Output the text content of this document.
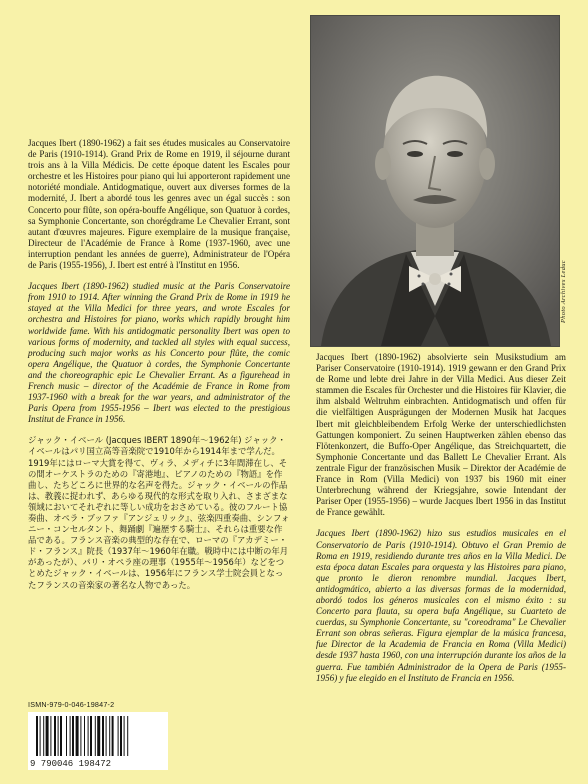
Jacques Ibert (1890-1962) a fait ses études musicales au Conservatoire de Paris (1910-1914). Grand Prix de Rome en 1919, il séjourne durant trois ans à la Villa Médicis. De cette époque datent les Escales pour orchestre et les Histoires pour piano qui lui apporteront rapidement une notoriété mondiale. Antidogmatique, ouvert aux diverses formes de la modernité, J. Ibert a abordé tous les genres avec un égal succès : son Concerto pour flûte, son opéra-bouffe Angélique, son Quatuor à cordes, sa Symphonie Concertante, son chorégdrame Le Chevalier Errant, sont autant d'œuvres majeures. Figure exemplaire de la musique française, Directeur de l'Académie de France à Rome (1937-1960, avec une interruption pendant les années de guerre), Administrateur de l'Opéra de Paris (1955-1956), J. Ibert est entré à l'Institut en 1956.

Jacques Ibert (1890-1962) studied music at the Paris Conservatoire from 1910 to 1914. After winning the Grand Prix de Rome in 1919 he stayed at the Villa Medici for three years, and wrote Escales for orchestra and Histoires for piano, works which rapidly brought him worldwide fame. With his antidogmatic personality Ibert was open to various forms of modernity, and tackled all styles with equal success, producing such major works as his Concerto pour flûte, the comic opera Angélique, the Quatuor à cordes, the Symphonie Concertante and the choreographic epic Le Chevalier Errant. As a figurehead in French music – director of the Académie de France in Rome from 1937-1960 with a break for the war years, and administrator of the Paris Opera from 1955-1956 – Ibert was elected to the prestigious Institut de France in 1956.

ジャック・イベール (Jacques IBERT 1890年～1962年) ジャック・イベールはパリ国立高等音楽院で1910年から1914年まで学んだ。1919年にはローマ大賞を得て、ヴィラ、メディチに3年間滞在し、その間オーケストラのための『寄港地』、ピアノのための『物語』を作曲し、たちどころに世界的な名声を得た。ジャック・イベールの作品は、教義に捉われず、あらゆる現代的な形式を取り入れ、さまざまな領域においてそれぞれに等しい成功をおさめている。彼のフルート協奏曲、オペラ・ブッファ『アンジェリック』、弦楽四重奏曲、シンフォニー・コンセルタント、舞踊劇『遍歴する騎士』、それらは重要な作品である。フランス音楽の典型的な存在で、ローマの『アカデミー・ド・フランス』院長（1937年～1960年在職。戦時中には中断の年月があったが）、パリ・オペラ座の理事（1955年～1956年）などをつとめたジャック・イベールは、1956年にフランス学士院会員となったフランスの音楽家の著名な人物であった。

Photo Archives Leduc

Jacques Ibert (1890-1962) absolvierte sein Musikstudium am Pariser Conservatoire (1910-1914). 1919 gewann er den Grand Prix de Rome und lebte drei Jahre in der Villa Medici. Aus dieser Zeit stammen die Escales für Orchester und die Histoires für Klavier, die ihm alsbald Weltruhm einbrachten. Antidogmatisch und offen für die vielfältigen Ausprägungen der Modernen Musik hat Jacques Ibert mit gleichbleibendem Erfolg Werke der unterschiedlichsten Gattungen komponiert. Zu seinen Hauptwerken zählen ebenso das Flötenkonzert, die Buffo-Oper Angélique, das Streichquartett, die Symphonie Concertante und das Ballett Le Chevalier Errant. Als zentrale Figur der französischen Musik – Direktor der Académie de France in Rom (Villa Medici) von 1937 bis 1960 mit einer Unterbrechung während der Kriegsjahre, sowie Intendant der Pariser Oper (1955-1956) – wurde Jacques Ibert 1956 in das Institut de France gewählt.

Jacques Ibert (1890-1962) hizo sus estudios musicales en el Conservatorio de Paris (1910-1914). Obtuvo el Gran Premio de Roma en 1919, residiendo durante tres años en la Villa Medici. De esta época datan Escales para orquesta y las Histoires para piano, que pronto le dieron renombre mundial. Jacques Ibert, antidogmático, abierto a las diversas formas de la modernidad, abordó todos los géneros musicales con el mismo éxito : su Concerto para flauta, su opera bufa Angélique, su Cuarteto de cuerdas, su Symphonie Concertante, su "coreodrama" Le Chevalier Errant son obras señeras. Figura ejemplar de la música francesa, fue Director de la Academia de Francia en Roma (Villa Medici) desde 1937 hasta 1960, con una interrupción durante los años de la guerra. Fue también Administrador de la Opera de Paris (1955-1956) y fue elegido en el Instituto de Francia en 1956.

ISMN-979-0-046-19847-2
9 790046 198472
